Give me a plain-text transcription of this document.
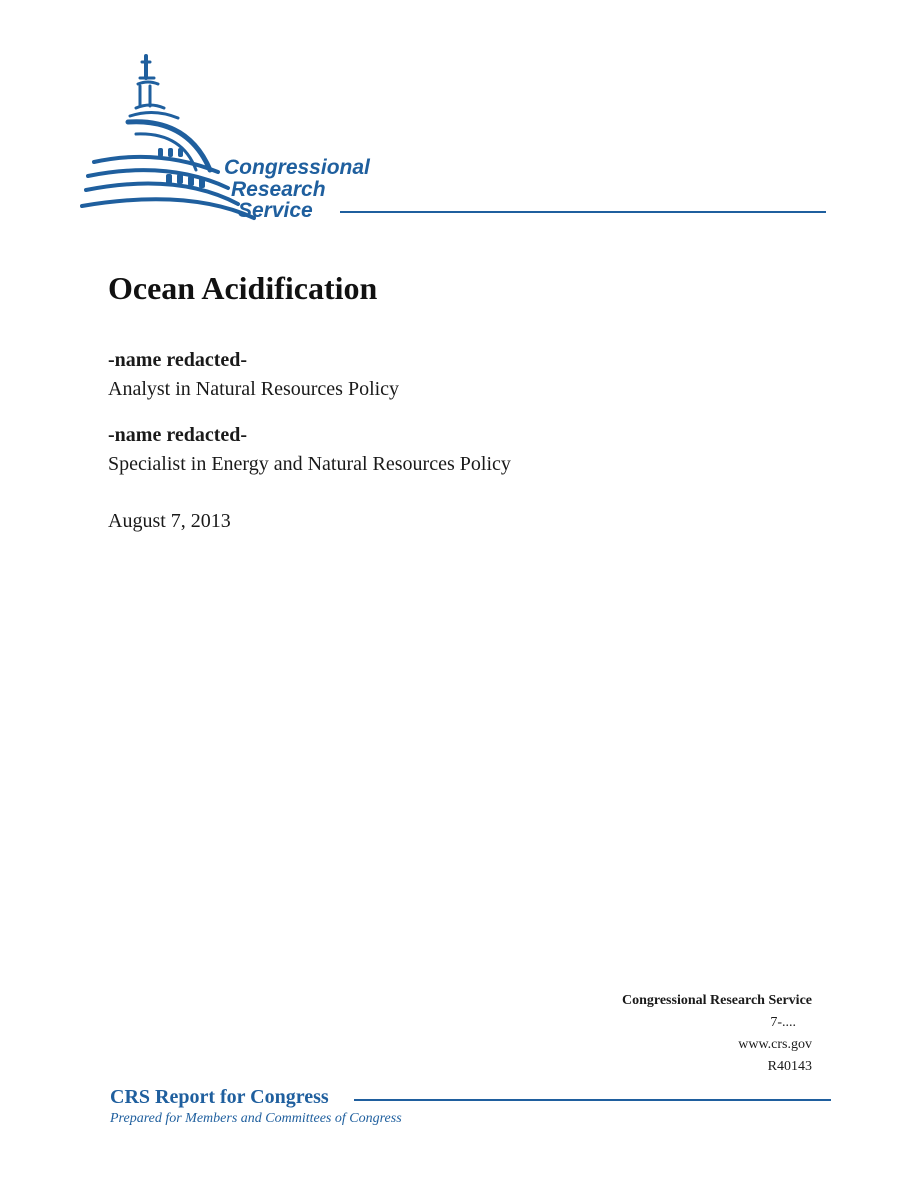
Congressional
Research
Service
Ocean Acidification
-name redacted-
Analyst in Natural Resources Policy
-name redacted-
Specialist in Energy and Natural Resources Policy
August 7, 2013
Congressional Research Service
7-....
www.crs.gov
R40143
CRS Report for Congress
Prepared for Members and Committees of Congress
